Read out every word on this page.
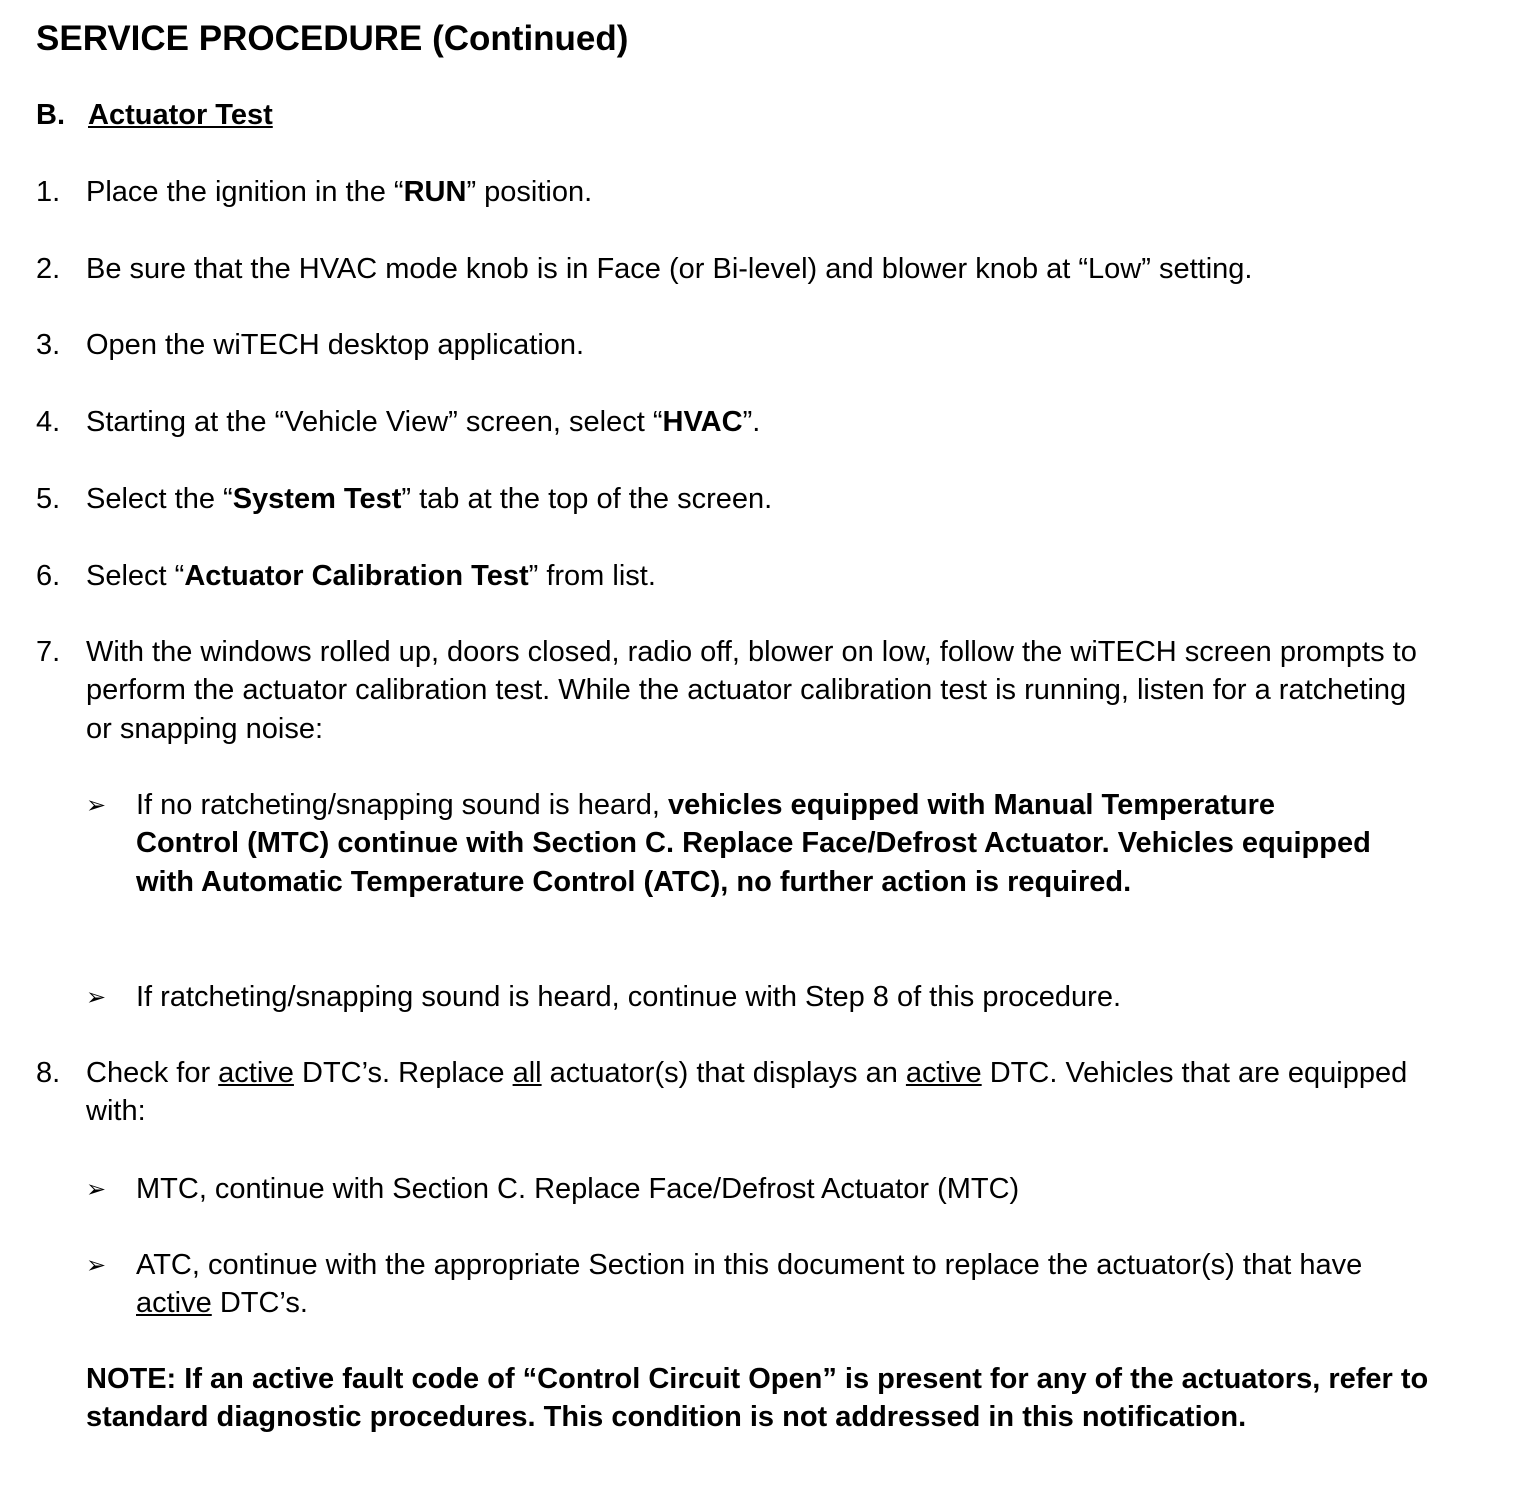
SERVICE PROCEDURE (Continued)
B. Actuator Test
1. Place the ignition in the “RUN” position.
2. Be sure that the HVAC mode knob is in Face (or Bi-level) and blower knob at “Low” setting.
3. Open the wiTECH desktop application.
4. Starting at the “Vehicle View” screen, select “HVAC”.
5. Select the “System Test” tab at the top of the screen.
6. Select “Actuator Calibration Test” from list.
7. With the windows rolled up, doors closed, radio off, blower on low, follow the wiTECH screen prompts to perform the actuator calibration test. While the actuator calibration test is running, listen for a ratcheting or snapping noise:
➢ If no ratcheting/snapping sound is heard, vehicles equipped with Manual Temperature Control (MTC) continue with Section C. Replace Face/Defrost Actuator. Vehicles equipped with Automatic Temperature Control (ATC), no further action is required.
➢ If ratcheting/snapping sound is heard, continue with Step 8 of this procedure.
8. Check for active DTC’s. Replace all actuator(s) that displays an active DTC. Vehicles that are equipped with:
➢ MTC, continue with Section C. Replace Face/Defrost Actuator (MTC)
➢ ATC, continue with the appropriate Section in this document to replace the actuator(s) that have active DTC’s.
NOTE: If an active fault code of “Control Circuit Open” is present for any of the actuators, refer to standard diagnostic procedures. This condition is not addressed in this notification.
